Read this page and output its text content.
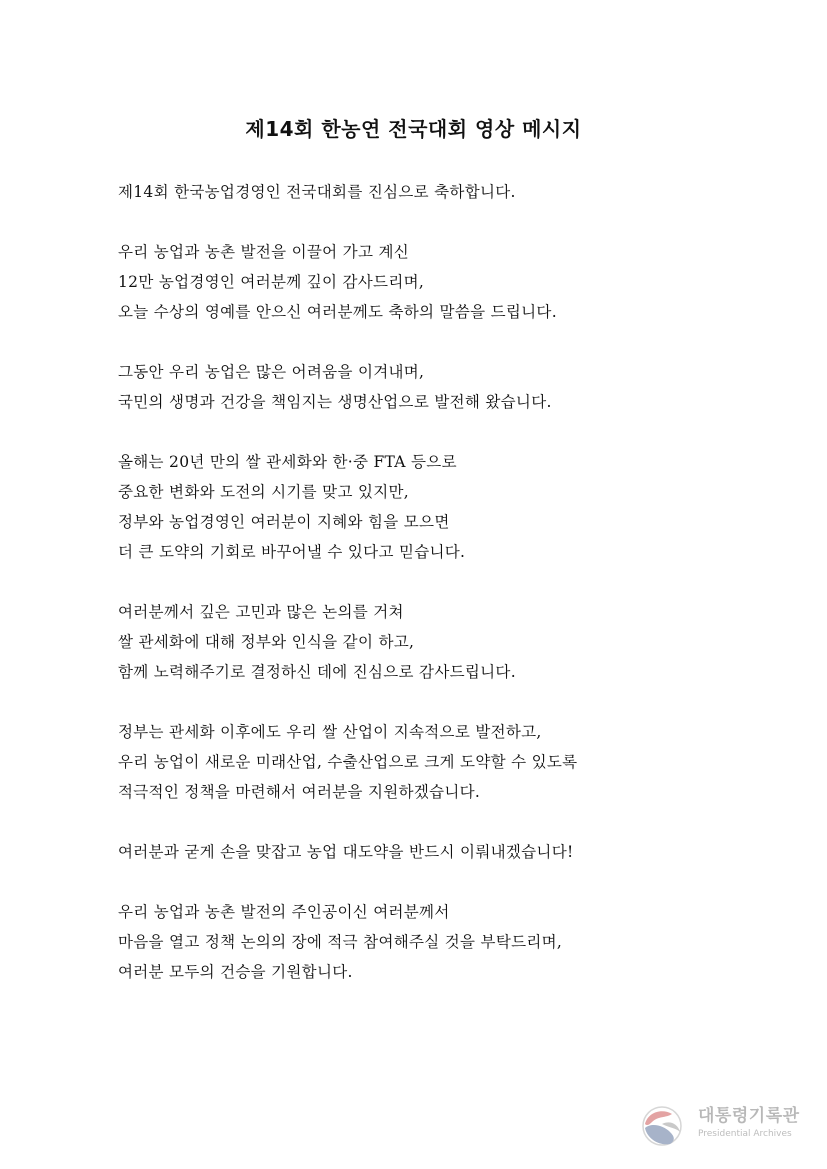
제14회 한농연 전국대회 영상 메시지
제14회 한국농업경영인 전국대회를 진심으로 축하합니다.
우리 농업과 농촌 발전을 이끌어 가고 계신
12만 농업경영인 여러분께 깊이 감사드리며,
오늘 수상의 영예를 안으신 여러분께도 축하의 말씀을 드립니다.
그동안 우리 농업은 많은 어려움을 이겨내며,
국민의 생명과 건강을 책임지는 생명산업으로 발전해 왔습니다.
올해는 20년 만의 쌀 관세화와 한·중 FTA 등으로
중요한 변화와 도전의 시기를 맞고 있지만,
정부와 농업경영인 여러분이 지혜와 힘을 모으면
더 큰 도약의 기회로 바꾸어낼 수 있다고 믿습니다.
여러분께서 깊은 고민과 많은 논의를 거쳐
쌀 관세화에 대해 정부와 인식을 같이 하고,
함께 노력해주기로 결정하신 데에 진심으로 감사드립니다.
정부는 관세화 이후에도 우리 쌀 산업이 지속적으로 발전하고,
우리 농업이 새로운 미래산업, 수출산업으로 크게 도약할 수 있도록
적극적인 정책을 마련해서 여러분을 지원하겠습니다.
여러분과 굳게 손을 맞잡고 농업 대도약을 반드시 이뤄내겠습니다!
우리 농업과 농촌 발전의 주인공이신 여러분께서
마음을 열고 정책 논의의 장에 적극 참여해주실 것을 부탁드리며,
여러분 모두의 건승을 기원합니다.
대통령기록관
Presidential Archives
